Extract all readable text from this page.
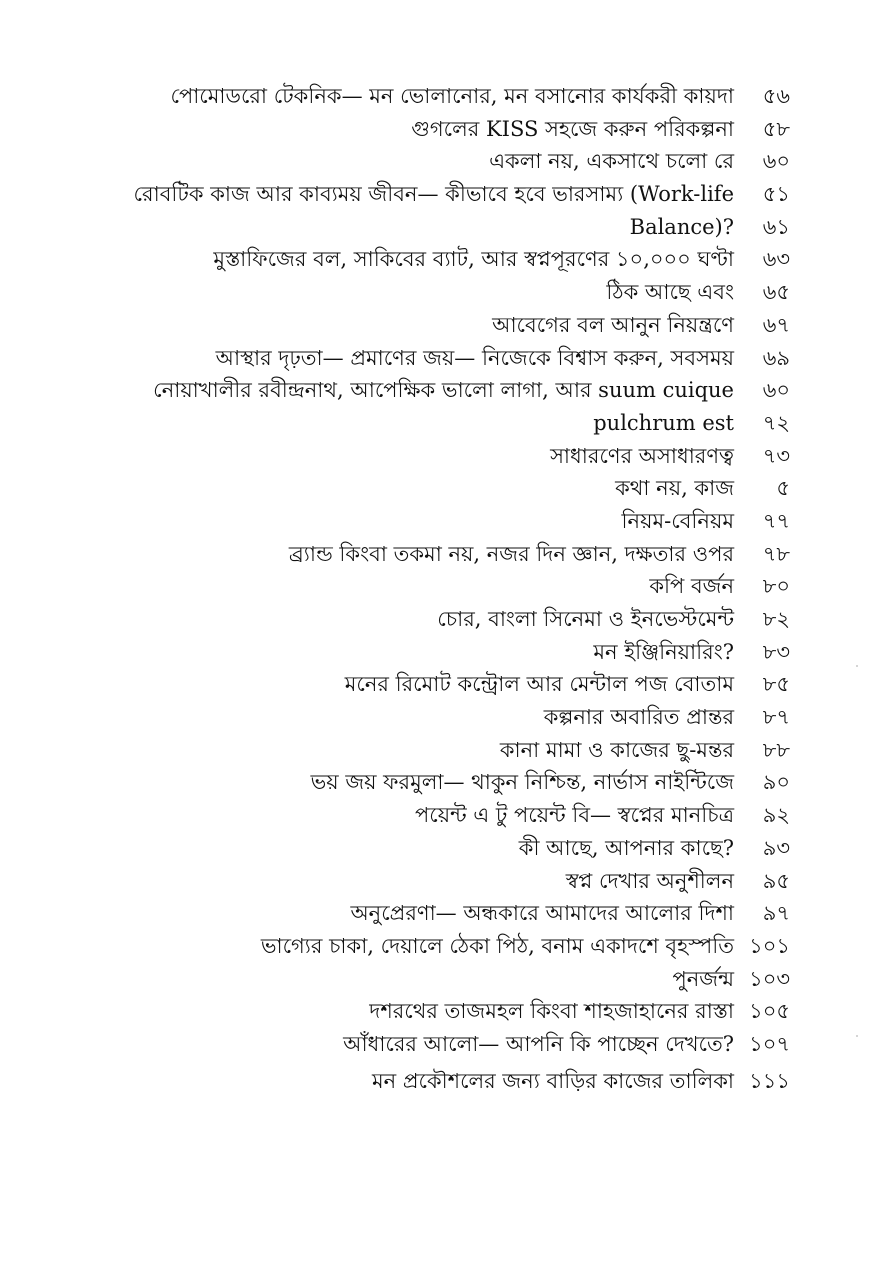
পোমোডরো টেকনিক— মন ভোলানোর, মন বসানোর কার্যকরী কায়দা	৫৬
গুগলের KISS সহজে করুন পরিকল্পনা	৫৮
একলা নয়, একসাথে চলো রে	৬০
রোবটিক কাজ আর কাব্যময় জীবন— কীভাবে হবে ভারসাম্য (Work-life	৫১
Balance)?	৬১
মুস্তাফিজের বল, সাকিবের ব্যাট, আর স্বপ্নপূরণের ১০,০০০ ঘণ্টা	৬৩
ঠিক আছে এবং	৬৫
আবেগের বল আনুন নিয়ন্ত্রণে	৬৭
আস্থার দৃঢ়তা— প্রমাণের জয়— নিজেকে বিশ্বাস করুন, সবসময়	৬৯
নোয়াখালীর রবীন্দ্রনাথ, আপেক্ষিক ভালো লাগা, আর suum cuique	৬০
pulchrum est	৭২
সাধারণের অসাধারণত্ব	৭৩
কথা নয়, কাজ	৫
নিয়ম-বেনিয়ম	৭৭
ব্র্যান্ড কিংবা তকমা নয়, নজর দিন জ্ঞান, দক্ষতার ওপর	৭৮
কপি বর্জন	৮০
চোর, বাংলা সিনেমা ও ইনভেস্টমেন্ট	৮২
মন ইঞ্জিনিয়ারিং?	৮৩
মনের রিমোট কন্ট্রোল আর মেন্টাল পজ বোতাম	৮৫
কল্পনার অবারিত প্রান্তর	৮৭
কানা মামা ও কাজের ছু-মন্তর	৮৮
ভয় জয় ফরমুলা— থাকুন নিশ্চিন্ত, নার্ভাস নাইন্টিজে	৯০
পয়েন্ট এ টু পয়েন্ট বি— স্বপ্নের মানচিত্র	৯২
কী আছে, আপনার কাছে?	৯৩
স্বপ্ন দেখার অনুশীলন	৯৫
অনুপ্রেরণা— অন্ধকারে আমাদের আলোর দিশা	৯৭
ভাগ্যের চাকা, দেয়ালে ঠেকা পিঠ, বনাম একাদশে বৃহস্পতি ১০১
পুনর্জন্ম ১০৩
দশরথের তাজমহল কিংবা শাহজাহানের রাস্তা ১০৫
আঁধারের আলো— আপনি কি পাচ্ছেন দেখতে? ১০৭
মন প্রকৌশলের জন্য বাড়ির কাজের তালিকা ১১১
